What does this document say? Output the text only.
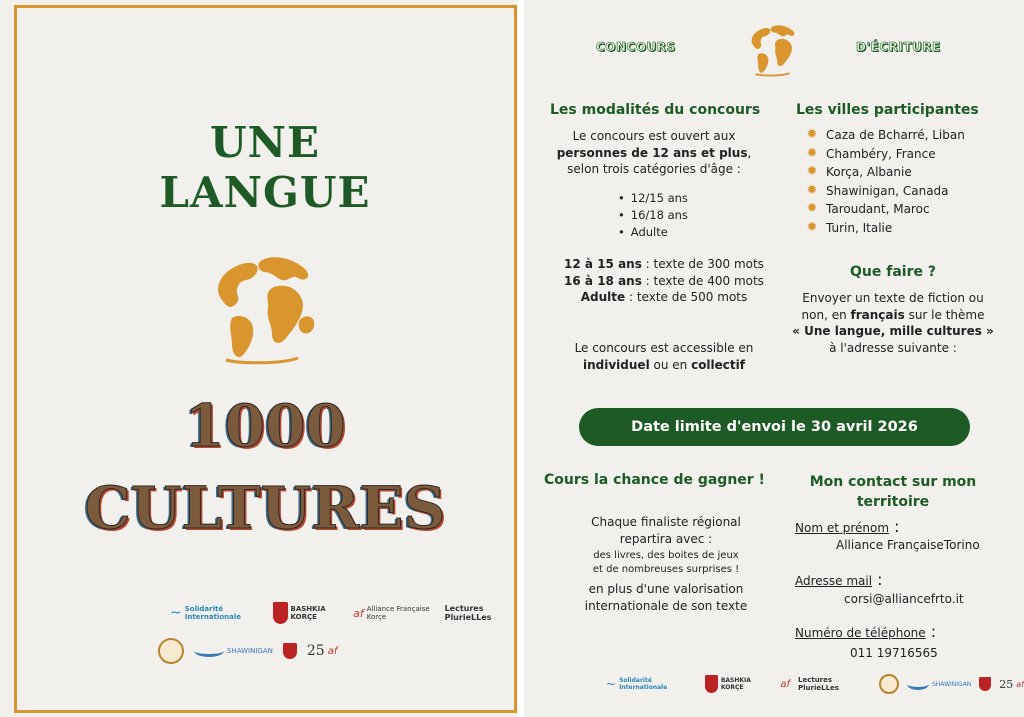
UNE
LANGUE
1000
CULTURES
~ Solidarité Internationale
BASHKIA KORÇE	af Alliance Française Korçe
Lectures PlurieLLes
SHAWINIGAN 25 af
CONCOURS	D'ÉCRITURE
Les modalités du concours
Le concours est ouvert aux
personnes de 12 ans et plus,
selon trois catégories d'âge :
• 12/15 ans
• 16/18 ans
• Adulte
12 à 15 ans : texte de 300 mots
16 à 18 ans : texte de 400 mots
Adulte : texte de 500 mots
Le concours est accessible en
individuel ou en collectif
Les villes participantes
✹ Caza de Bcharré, Liban
✹ Chambéry, France
✹ Korça, Albanie
✹ Shawinigan, Canada
✹ Taroudant, Maroc
✹ Turin, Italie
Que faire ?
Envoyer un texte de fiction ou
non, en français sur le thème
« Une langue, mille cultures »
à l'adresse suivante :
Date limite d'envoi le 30 avril 2026
Cours la chance de gagner !
Chaque finaliste régional
repartira avec :
des livres, des boites de jeux
et de nombreuses surprises !
en plus d'une valorisation
internationale de son texte
Mon contact sur mon
territoire
Nom et prénom :
Alliance FrançaiseTorino
Adresse mail :
corsi@alliancefrto.it
Numéro de téléphone :
011 19716565
~ Solidarité Internationale
BASHKIA KORÇE	af Lectures PlurieLLes	SHAWINIGAN	25 af
